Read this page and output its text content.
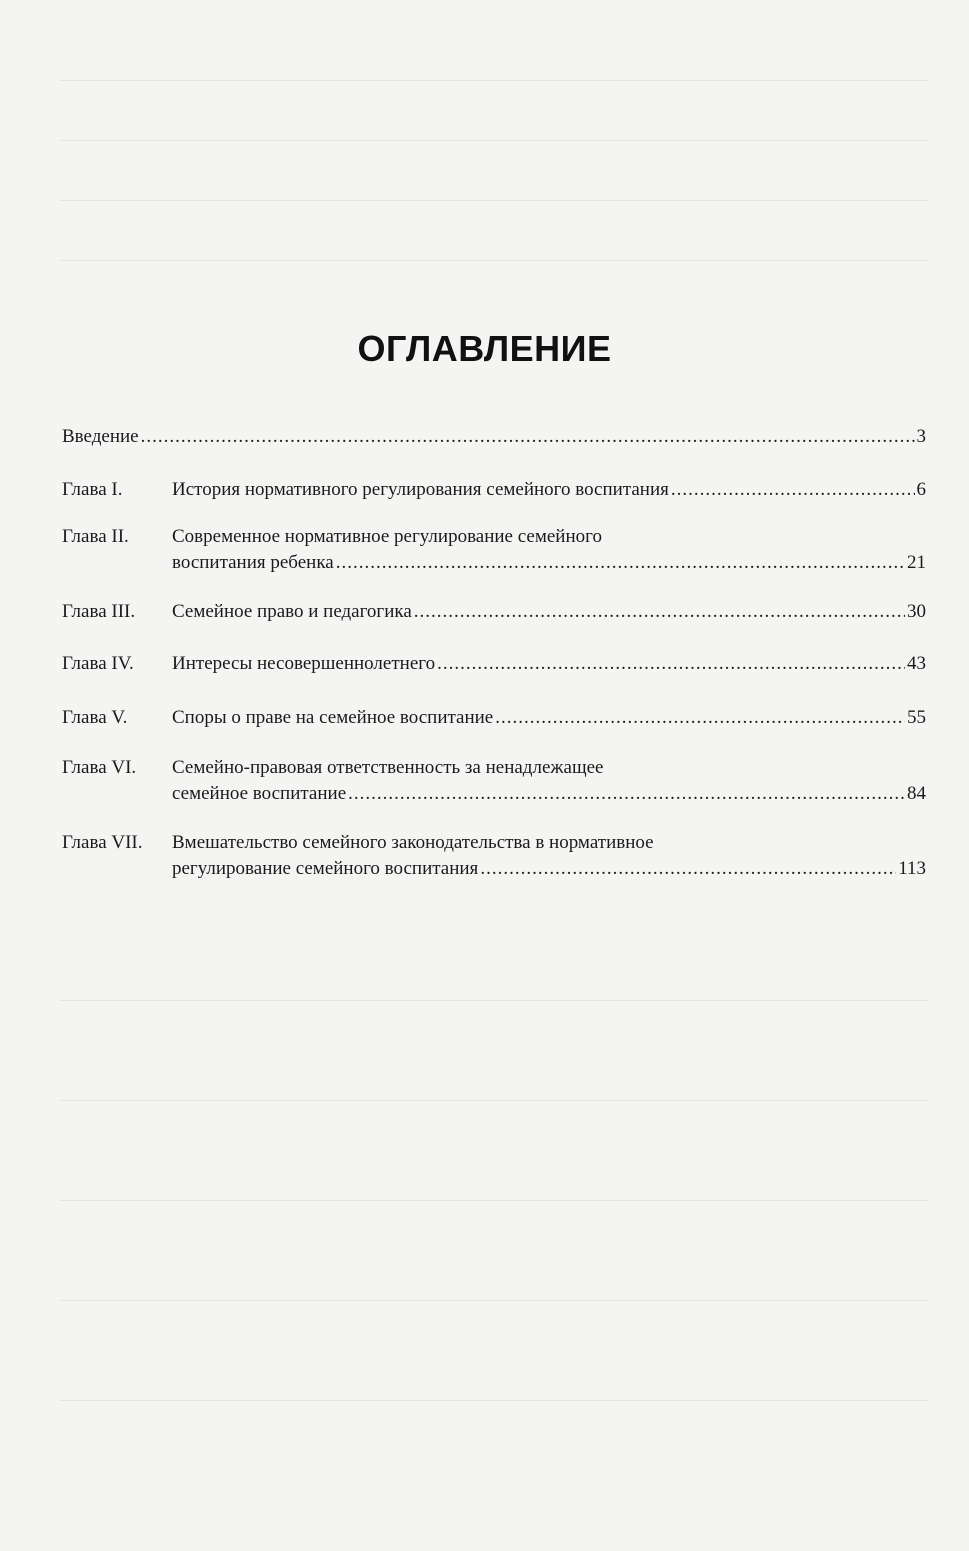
ОГЛАВЛЕНИЕ
Введение .....	3
Глава I.	История нормативного регулирования семейного воспитания .....	6
Глава II. Современное нормативное регулирование семейного
воспитания ребенка .....	21
Глава III. Семейное право и педагогика .....	30
Глава IV. Интересы несовершеннолетнего .....	43
Глава V. Споры о праве на семейное воспитание .....	55
Глава VI. Семейно-правовая ответственность за ненадлежащее
семейное воспитание .....	84
Глава VII. Вмешательство семейного законодательства в нормативное
регулирование семейного воспитания .....	113
